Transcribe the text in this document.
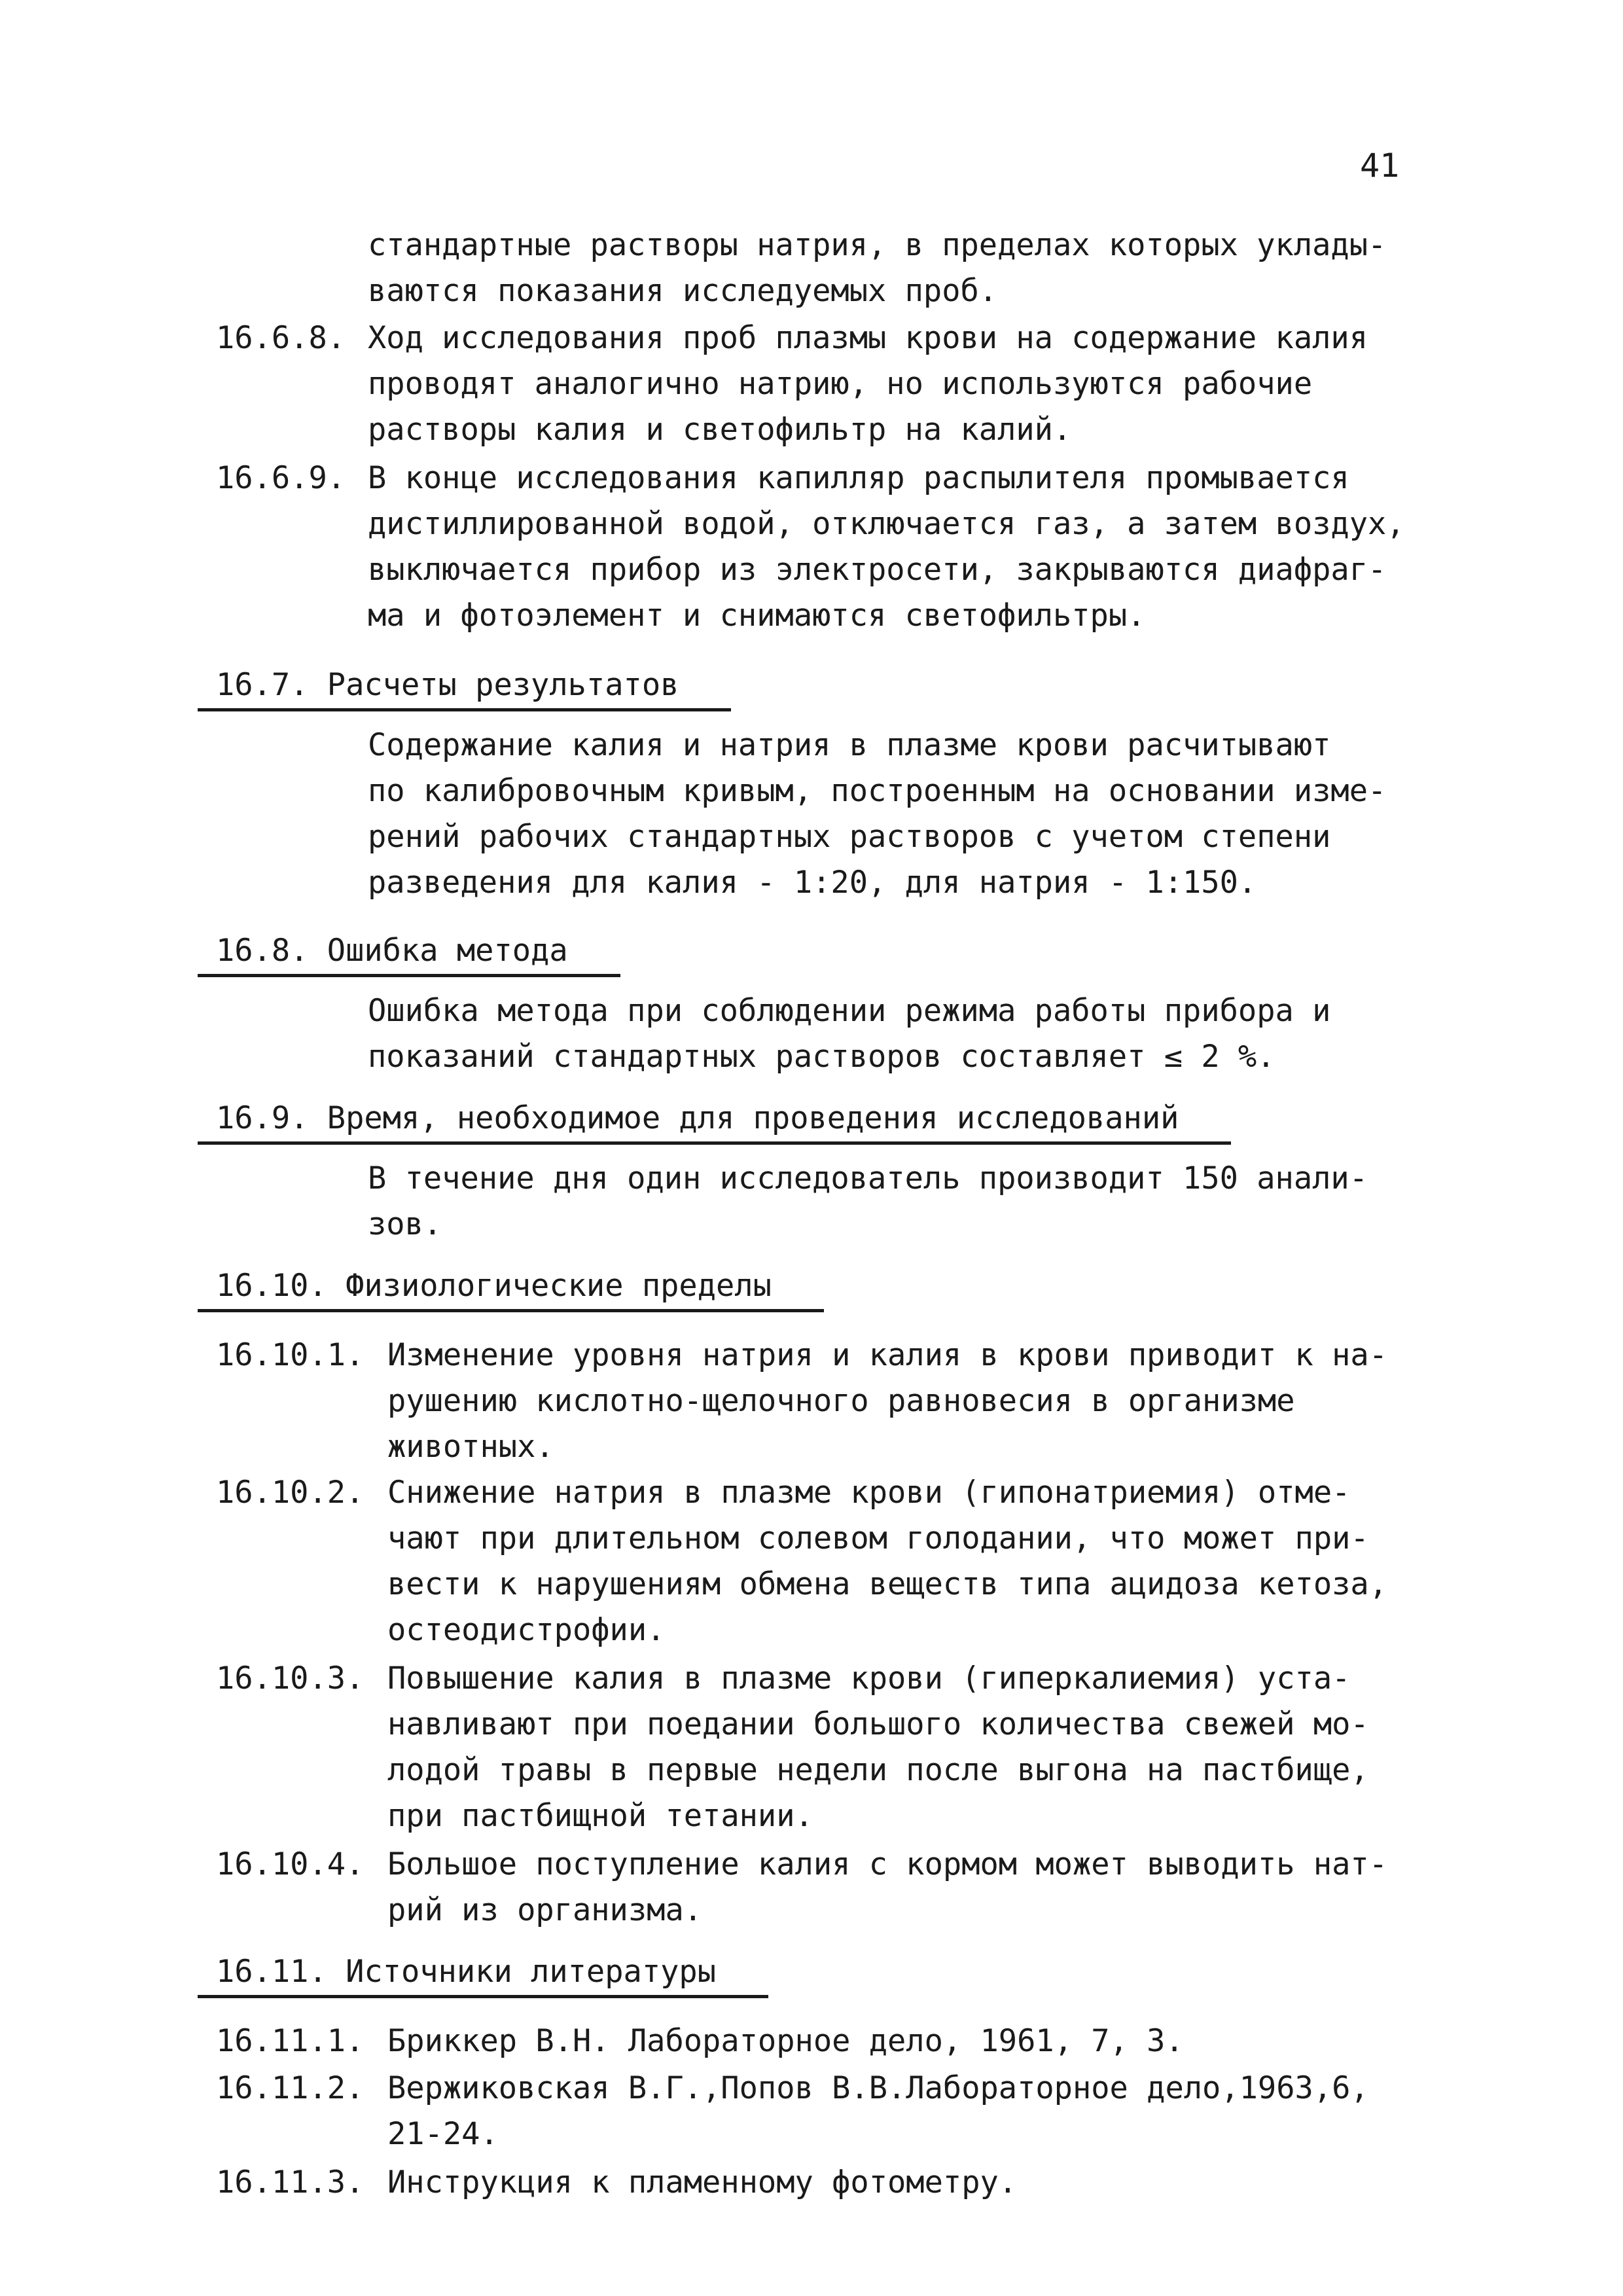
41
стандартные растворы натрия, в пределах которых уклады-
ваются показания исследуемых проб.
16.6.8. Ход исследования проб плазмы крови на содержание калия
проводят аналогично натрию, но используются рабочие
растворы калия и светофильтр на калий.
16.6.9. В конце исследования капилляр распылителя промывается
дистиллированной водой, отключается газ, а затем воздух,
выключается прибор из электросети, закрываются диафраг-
ма и фотоэлемент и снимаются светофильтры.
16.7. Расчеты результатов
Содержание калия и натрия в плазме крови расчитывают
по калибровочным кривым, построенным на основании изме-
рений рабочих стандартных растворов с учетом степени
разведения для калия - 1:20, для натрия - 1:150.
16.8. Ошибка метода
Ошибка метода при соблюдении режима работы прибора и
показаний стандартных растворов составляет ≤ 2 %.
16.9. Время, необходимое для проведения исследований
В течение дня один исследователь производит 150 анали-
зов.
16.10. Физиологические пределы
16.10.1. Изменение уровня натрия и калия в крови приводит к на-
рушению кислотно-щелочного равновесия в организме
животных.
16.10.2. Снижение натрия в плазме крови (гипонатриемия) отме-
чают при длительном солевом голодании, что может при-
вести к нарушениям обмена веществ типа ацидоза кетоза,
остеодистрофии.
16.10.3. Повышение калия в плазме крови (гиперкалиемия) уста-
навливают при поедании большого количества свежей мо-
лодой травы в первые недели после выгона на пастбище,
при пастбищной тетании.
16.10.4. Большое поступление калия с кормом может выводить нат-
рий из организма.
16.11. Источники литературы
16.11.1. Бриккер В.Н. Лабораторное дело, 1961, 7, 3.
16.11.2. Вержиковская В.Г.,Попов В.В.Лабораторное дело,1963,6,
21-24.
16.11.3. Инструкция к пламенному фотометру.
